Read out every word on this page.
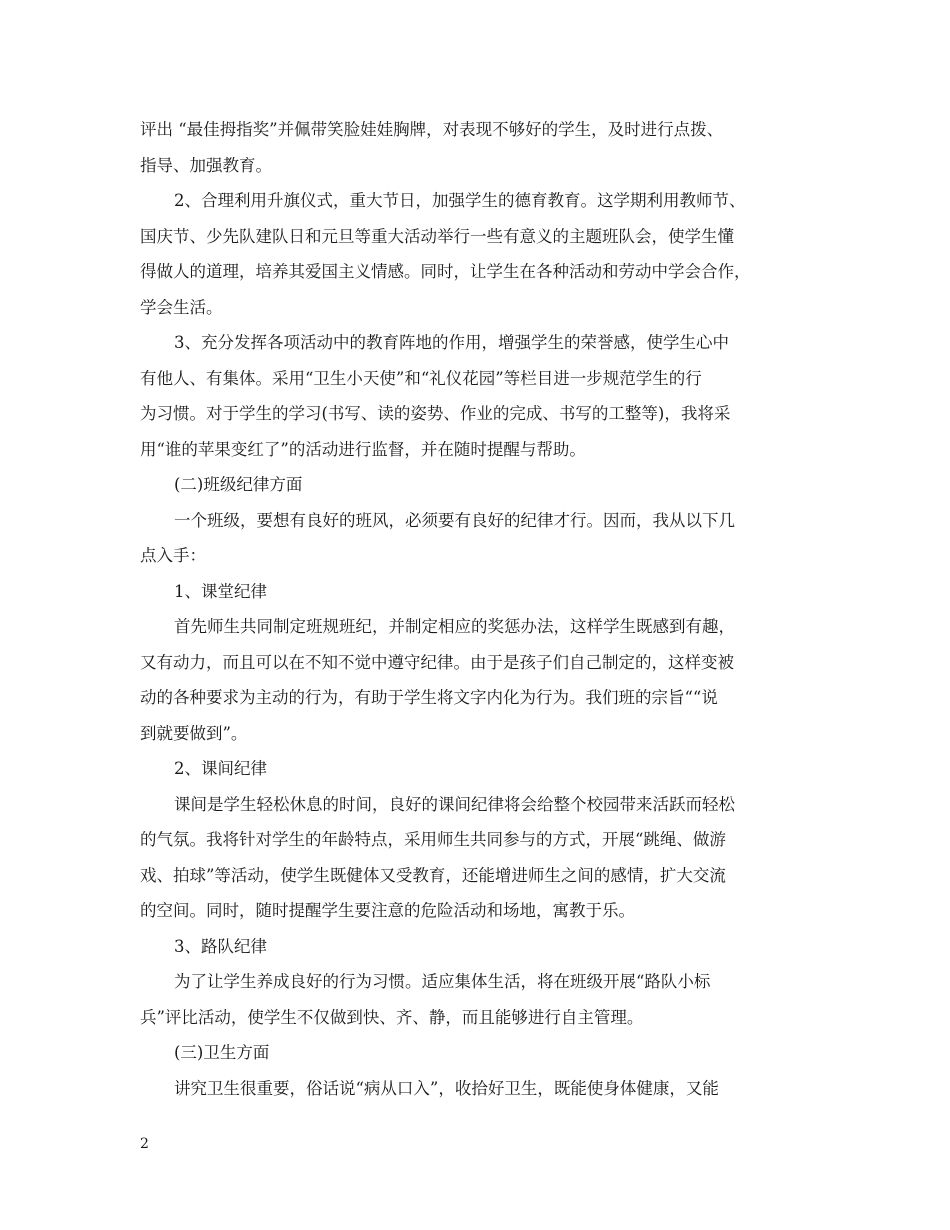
评出 “最佳拇指奖”并佩带笑脸娃娃胸牌，对表现不够好的学生，及时进行点拨、
指导、加强教育。
2、合理利用升旗仪式，重大节日，加强学生的德育教育。这学期利用教师节、
国庆节、少先队建队日和元旦等重大活动举行一些有意义的主题班队会，使学生懂
得做人的道理，培养其爱国主义情感。同时，让学生在各种活动和劳动中学会合作，
学会生活。
3、充分发挥各项活动中的教育阵地的作用，增强学生的荣誉感，使学生心中
有他人、有集体。采用“卫生小天使”和“礼仪花园”等栏目进一步规范学生的行
为习惯。对于学生的学习(书写、读的姿势、作业的完成、书写的工整等)，我将采
用“谁的苹果变红了”的活动进行监督，并在随时提醒与帮助。
(二)班级纪律方面
一个班级，要想有良好的班风，必须要有良好的纪律才行。因而，我从以下几
点入手：
1、课堂纪律
首先师生共同制定班规班纪，并制定相应的奖惩办法，这样学生既感到有趣，
又有动力，而且可以在不知不觉中遵守纪律。由于是孩子们自己制定的，这样变被
动的各种要求为主动的行为，有助于学生将文字内化为行为。我们班的宗旨““说
到就要做到”。
2、课间纪律
课间是学生轻松休息的时间，良好的课间纪律将会给整个校园带来活跃而轻松
的气氛。我将针对学生的年龄特点，采用师生共同参与的方式，开展“跳绳、做游
戏、拍球”等活动，使学生既健体又受教育，还能增进师生之间的感情，扩大交流
的空间。同时，随时提醒学生要注意的危险活动和场地，寓教于乐。
3、路队纪律
为了让学生养成良好的行为习惯。适应集体生活，将在班级开展“路队小标
兵”评比活动，使学生不仅做到快、齐、静，而且能够进行自主管理。
(三)卫生方面
讲究卫生很重要，俗话说“病从口入”，收拾好卫生，既能使身体健康，又能
2
